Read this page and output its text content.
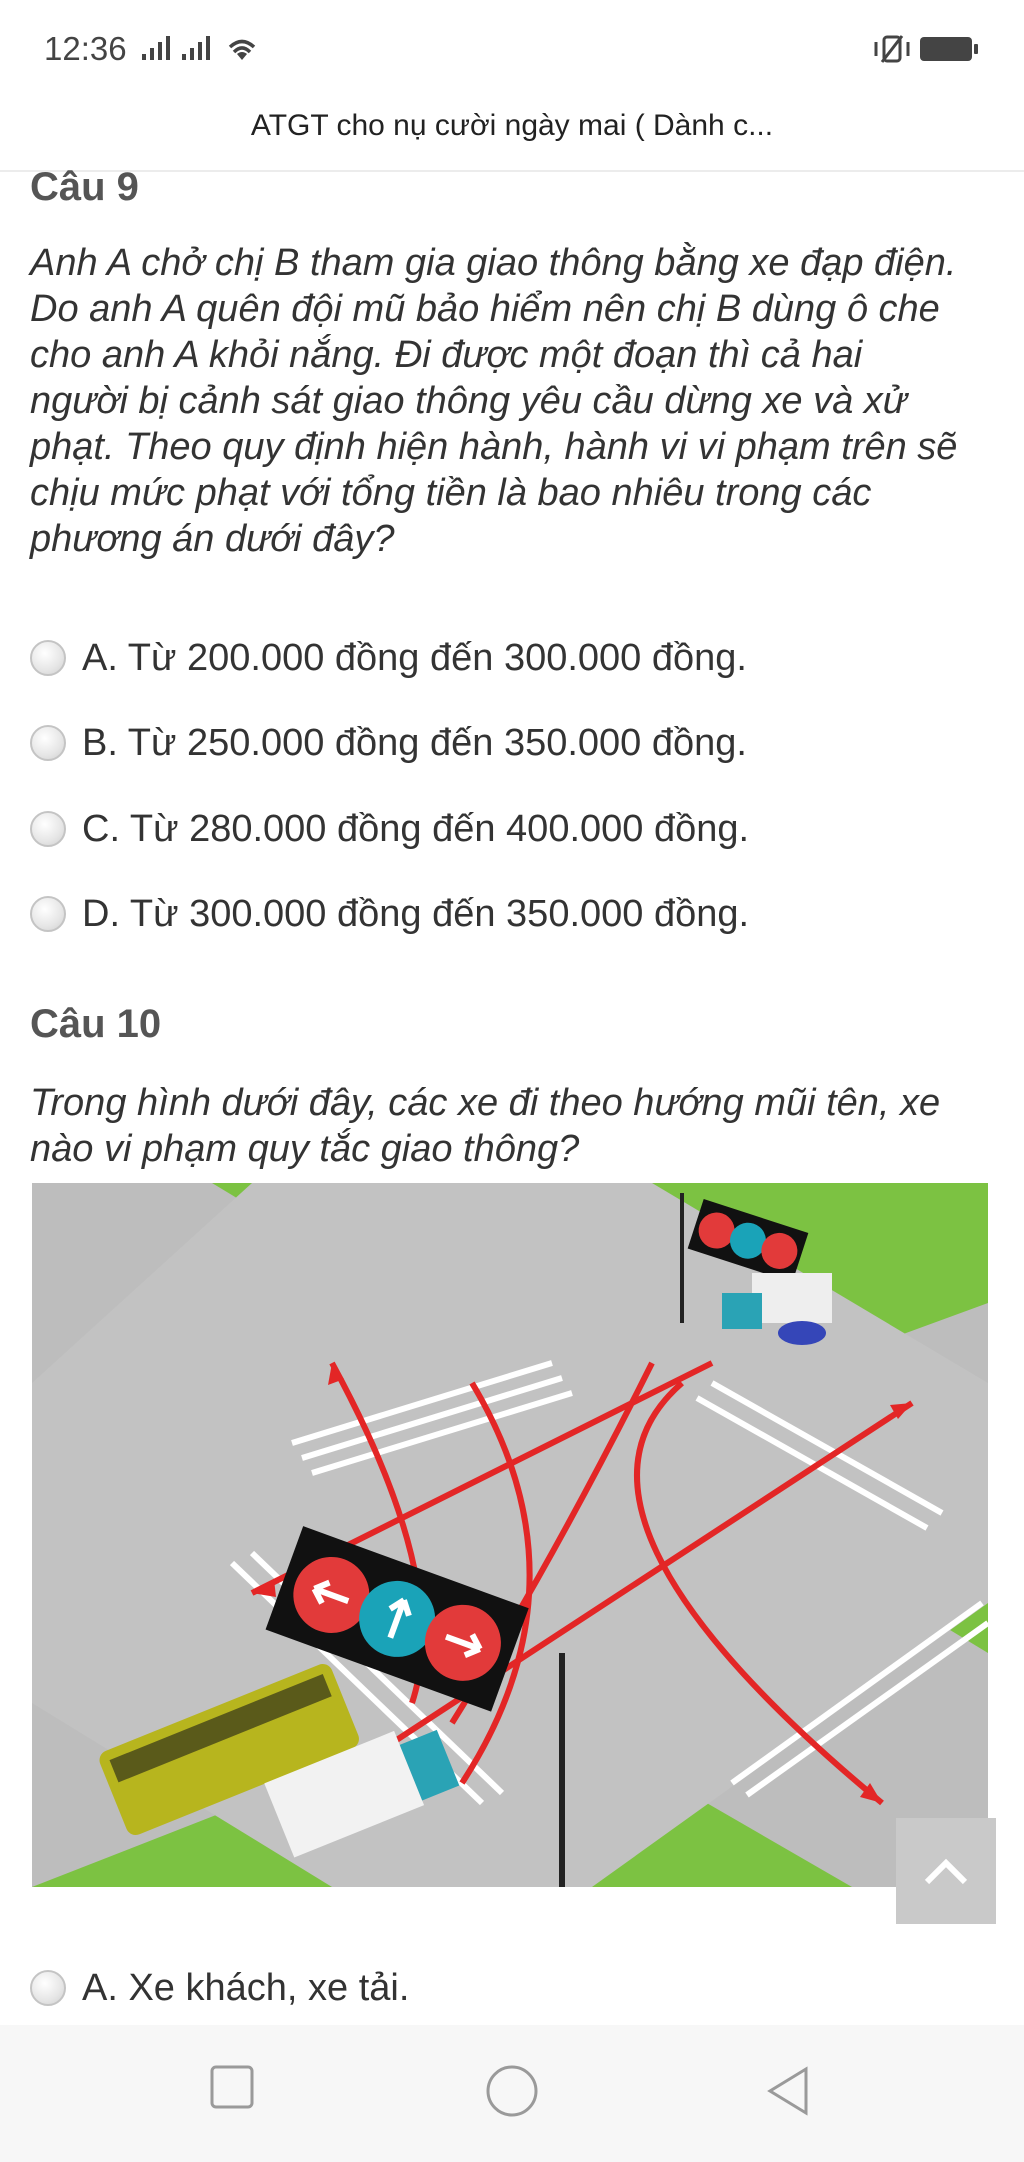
12:36

ATGT cho nụ cười ngày mai ( Dành c...
Câu 9
Anh A chở chị B tham gia giao thông bằng xe đạp điện.
Do anh A quên đội mũ bảo hiểm nên chị B dùng ô che
cho anh A khỏi nắng. Đi được một đoạn thì cả hai
người bị cảnh sát giao thông yêu cầu dừng xe và xử
phạt. Theo quy định hiện hành, hành vi vi phạm trên sẽ
chịu mức phạt với tổng tiền là bao nhiêu trong các
phương án dưới đây?
A. Từ 200.000 đồng đến 300.000 đồng.
B. Từ 250.000 đồng đến 350.000 đồng.
C. Từ 280.000 đồng đến 400.000 đồng.
D. Từ 300.000 đồng đến 350.000 đồng.
Câu 10
Trong hình dưới đây, các xe đi theo hướng mũi tên, xe
nào vi phạm quy tắc giao thông?
A. Xe khách, xe tải.
